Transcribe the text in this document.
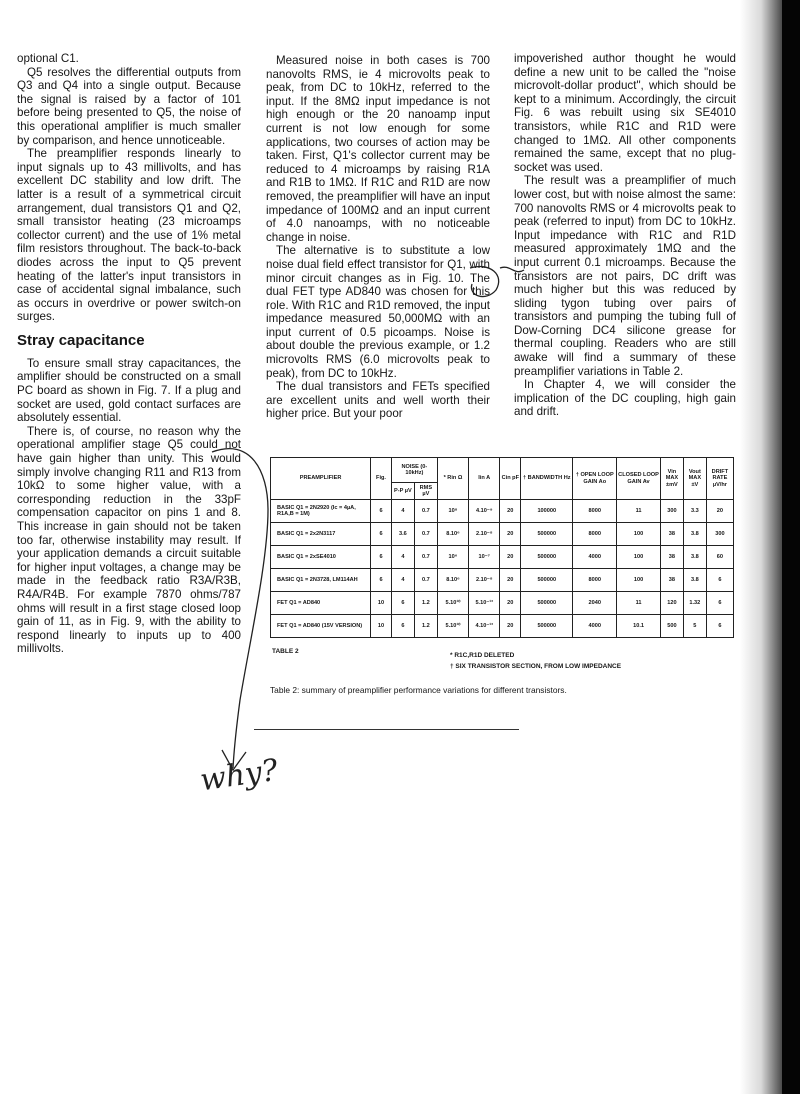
optional C1.

Q5 resolves the differential outputs from Q3 and Q4 into a single output. Because the signal is raised by a factor of 101 before being presented to Q5, the noise of this operational amplifier is much smaller by comparison, and hence unnoticeable.

The preamplifier responds linearly to input signals up to 43 millivolts, and has excellent DC stability and low drift. The latter is a result of a symmetrical circuit arrangement, dual transistors Q1 and Q2, small transistor heating (23 microamps collector current) and the use of 1% metal film resistors throughout. The back-to-back diodes across the input to Q5 prevent heating of the latter's input transistors in case of accidental signal imbalance, such as occurs in overdrive or power switch-on surges.

Stray capacitance

To ensure small stray capacitances, the amplifier should be constructed on a small PC board as shown in Fig. 7. If a plug and socket are used, gold contact surfaces are absolutely essential.

There is, of course, no reason why the operational amplifier stage Q5 could not have gain higher than unity. This would simply involve changing R11 and R13 from 10kΩ to some higher value, with a corresponding reduction in the 33pF compensation capacitor on pins 1 and 8. This increase in gain should not be taken too far, otherwise instability may result. If your application demands a circuit suitable for higher input voltages, a change may be made in the feedback ratio R3A/R3B, R4A/R4B. For example 7870 ohms/787 ohms will result in a first stage closed loop gain of 11, as in Fig. 9, with the ability to respond linearly to inputs up to 400 millivolts.

Measured noise in both cases is 700 nanovolts RMS, ie 4 microvolts peak to peak, from DC to 10kHz, referred to the input. If the 8MΩ input impedance is not high enough or the 20 nanoamp input current is not low enough for some applications, two courses of action may be taken. First, Q1's collector current may be reduced to 4 microamps by raising R1A and R1B to 1MΩ. If R1C and R1D are now removed, the preamplifier will have an input impedance of 100MΩ and an input current of 4.0 nanoamps, with no noticeable change in noise.

The alternative is to substitute a low noise dual field effect transistor for Q1, with minor circuit changes as in Fig. 10. The dual FET type AD840 was chosen for this role. With R1C and R1D removed, the input impedance measured 50,000MΩ with an input current of 0.5 picoamps. Noise is about double the previous example, or 1.2 microvolts RMS (6.0 microvolts peak to peak), from DC to 10kHz.

The dual transistors and FETs specified are excellent units and well worth their higher price. But your poor

impoverished author thought he would define a new unit to be called the "noise microvolt-dollar product", which should be kept to a minimum. Accordingly, the circuit Fig. 6 was rebuilt using six SE4010 transistors, while R1C and R1D were changed to 1MΩ. All other components remained the same, except that no plug-socket was used.

The result was a preamplifier of much lower cost, but with noise almost the same: 700 nanovolts RMS or 4 microvolts peak to peak (referred to input) from DC to 10kHz. Input impedance with R1C and R1D measured approximately 1MΩ and the input current 0.1 microamps. Because the transistors are not pairs, DC drift was much higher but this was reduced by sliding tygon tubing over pairs of transistors and pumping the tubing full of Dow-Corning DC4 silicone grease for thermal coupling. Readers who are still awake will find a summary of these preamplifier variations in Table 2.

In Chapter 4, we will consider the implication of the DC coupling, high gain and drift.

PREAMPLIFIER	Fig.	NOISE (0-10kHz)		* Rin Ω	Iin A	Cin pF	† BANDWIDTH Hz	† OPEN LOOP GAIN Ao	CLOSED LOOP GAIN Av	Vin MAX ±mV	Vout MAX ±V	DRIFT RATE µV/hr
		P-P µV	RMS µV									
BASIC Q1 = 2N2920 (Ic = 4µA, R1A,B = 1M)	6	4	0.7	10⁸	4.10⁻⁹	20	100000	8000	11	300	3.3	20
BASIC Q1 = 2x2N3117	6	3.6	0.7	8.10⁶	2.10⁻⁸	20	500000	8000	100	38	3.8	300
BASIC Q1 = 2xSE4010	6	4	0.7	10⁶	10⁻⁷	20	500000	4000	100	38	3.8	60
BASIC Q1 = 2N3728, LM114AH	6	4	0.7	8.10⁶	2.10⁻⁸	20	500000	8000	100	38	3.8	6
FET Q1 = AD840	10	6	1.2	5.10¹⁰	5.10⁻¹³	20	500000	2040	11	120	1.32	6
FET Q1 = AD840 (15V VERSION)	10	6	1.2	5.10¹⁰	4.10⁻¹³	20	500000	4000	10.1	500	5	6
TABLE 2
* R1C,R1D DELETED
† SIX TRANSISTOR SECTION, FROM LOW IMPEDANCE
Table 2: summary of preamplifier performance variations for different transistors.
why?
